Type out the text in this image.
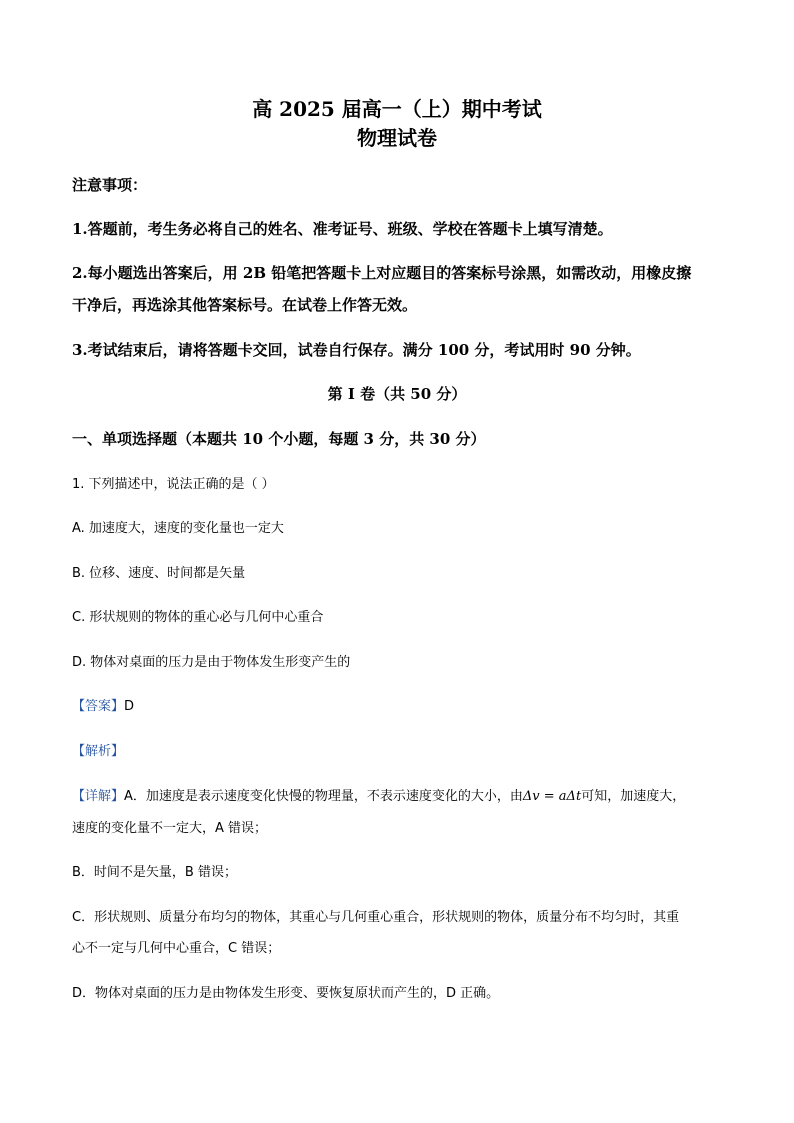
高 2025 届高一（上）期中考试
物理试卷
注意事项：
1.答题前，考生务必将自己的姓名、准考证号、班级、学校在答题卡上填写清楚。
2.每小题选出答案后，用 2B 铅笔把答题卡上对应题目的答案标号涂黑，如需改动，用橡皮擦
干净后，再选涂其他答案标号。在试卷上作答无效。
3.考试结束后，请将答题卡交回，试卷自行保存。满分 100 分，考试用时 90 分钟。
第 I 卷（共 50 分）
一、单项选择题（本题共 10 个小题，每题 3 分，共 30 分）
1. 下列描述中，说法正确的是（ ）
A. 加速度大，速度的变化量也一定大
B. 位移、速度、时间都是矢量
C. 形状规则的物体的重心必与几何中心重合
D. 物体对桌面的压力是由于物体发生形变产生的
【答案】D
【解析】
【详解】A．加速度是表示速度变化快慢的物理量，不表示速度变化的大小，由Δv = aΔt可知，加速度大，
速度的变化量不一定大，A 错误；
B．时间不是矢量，B 错误；
C．形状规则、质量分布均匀的物体，其重心与几何重心重合，形状规则的物体，质量分布不均匀时，其重
心不一定与几何中心重合，C 错误；
D．物体对桌面的压力是由物体发生形变、要恢复原状而产生的，D 正确。
